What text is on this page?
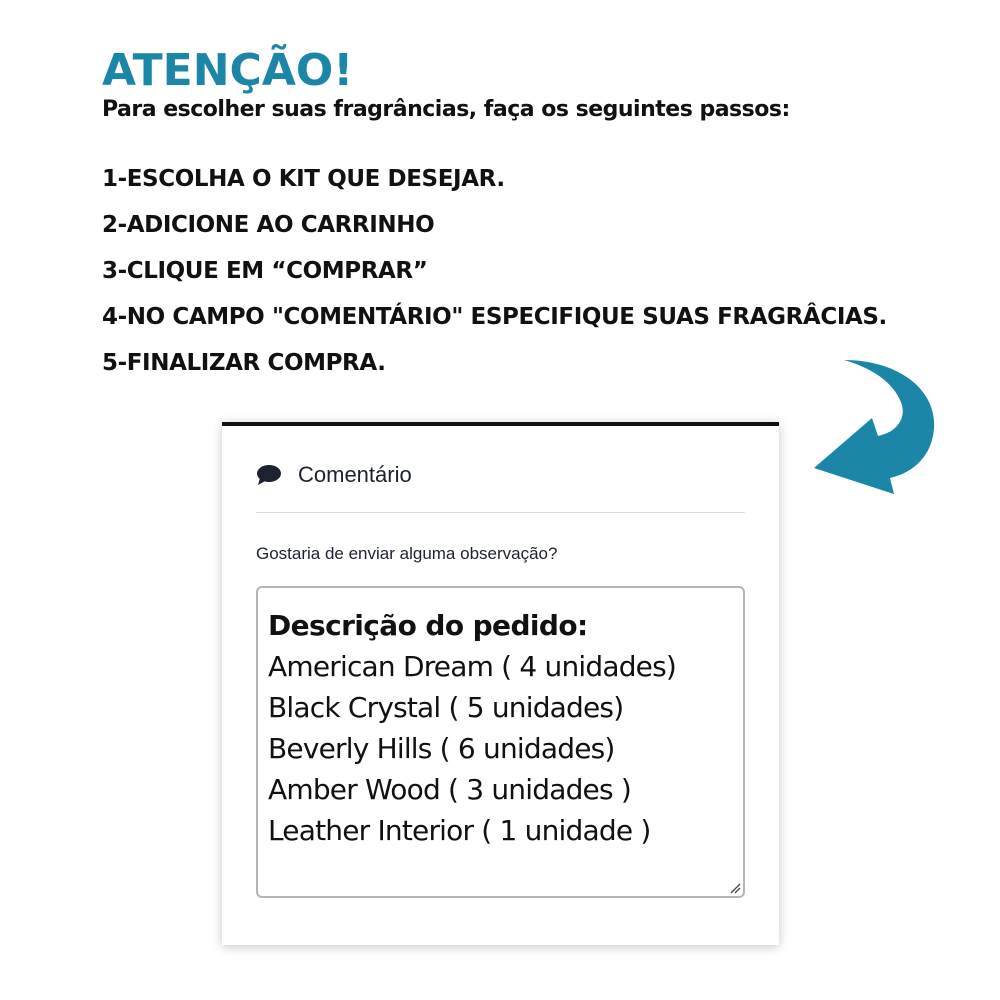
ATENÇÃO!
Para escolher suas fragrâncias, faça os seguintes passos:
1-ESCOLHA O KIT QUE DESEJAR.
2-ADICIONE AO CARRINHO
3-CLIQUE EM “COMPRAR”
4-NO CAMPO "COMENTÁRIO" ESPECIFIQUE SUAS FRAGRÂCIAS.
5-FINALIZAR COMPRA.
Comentário
Gostaria de enviar alguma observação?
Descrição do pedido:
American Dream ( 4 unidades)
Black Crystal ( 5 unidades)
Beverly Hills ( 6 unidades)
Amber Wood ( 3 unidades )
Leather Interior ( 1 unidade )
